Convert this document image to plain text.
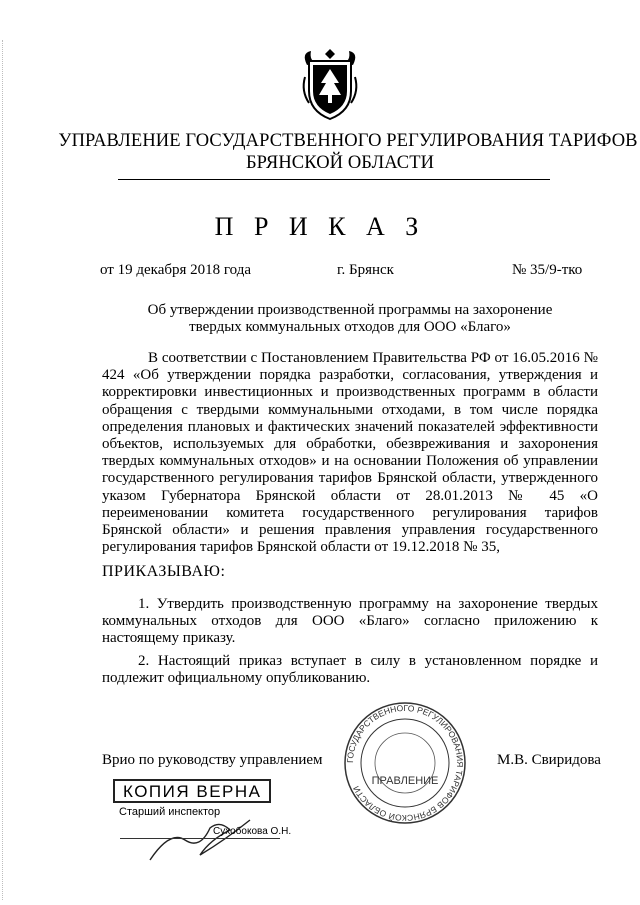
УПРАВЛЕНИЕ ГОСУДАРСТВЕННОГО РЕГУЛИРОВАНИЯ ТАРИФОВ
БРЯНСКОЙ ОБЛАСТИ
П Р И К А З
от 19 декабря 2018 года	г. Брянск	№ 35/9-тко
Об утверждении производственной программы на захоронение
твердых коммунальных отходов для ООО «Благо»

В соответствии с Постановлением Правительства РФ от 16.05.2016 № 424 «Об утверждении порядка разработки, согласования, утверждения и корректировки инвестиционных и производственных программ в области обращения с твердыми коммунальными отходами, в том числе порядка определения плановых и фактических значений показателей эффективности объектов, используемых для обработки, обезвреживания и захоронения твердых коммунальных отходов» и на основании Положения об управлении государственного регулирования тарифов Брянской области, утвержденного указом Губернатора Брянской области от 28.01.2013 № 45 «О переименовании комитета государственного регулирования тарифов Брянской области» и решения правления управления государственного регулирования тарифов Брянской области от 19.12.2018 № 35,

ПРИКАЗЫВАЮ:

1. Утвердить производственную программу на захоронение твердых коммунальных отходов для ООО «Благо» согласно приложению к настоящему приказу.

2. Настоящий приказ вступает в силу в установленном порядке и подлежит официальному опубликованию.

ГОСУДАРСТВЕННОГО РЕГУЛИРОВАНИЯ ТАРИФОВ БРЯНСКОЙ ОБЛАСТИ
ПРАВЛЕНИЕ
Врио по руководству управлением	М.В. Свиридова
КОПИЯ ВЕРНА
Старший инспектор
Сухобокова О.Н.
